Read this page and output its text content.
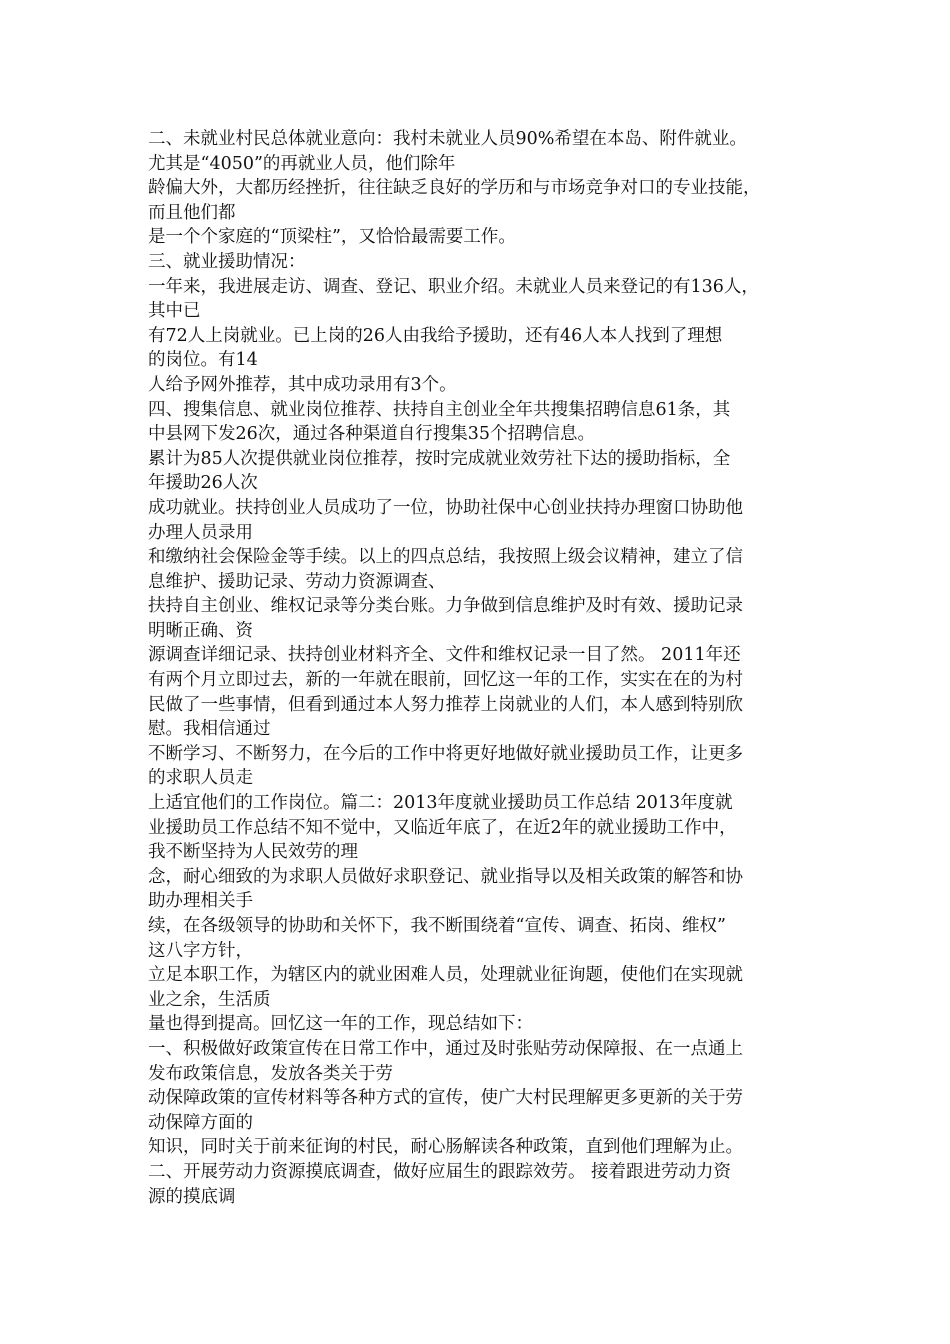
二、未就业村民总体就业意向：我村未就业人员90%希望在本岛、附件就业。
尤其是“4050”的再就业人员，他们除年
龄偏大外，大都历经挫折，往往缺乏良好的学历和与市场竞争对口的专业技能，
而且他们都
是一个个家庭的“顶梁柱”，又恰恰最需要工作。
三、就业援助情况：
一年来，我进展走访、调查、登记、职业介绍。未就业人员来登记的有136人，
其中已
有72人上岗就业。已上岗的26人由我给予援助，还有46人本人找到了理想
的岗位。有14
人给予网外推荐，其中成功录用有3个。
四、搜集信息、就业岗位推荐、扶持自主创业全年共搜集招聘信息61条，其
中县网下发26次，通过各种渠道自行搜集35个招聘信息。
累计为85人次提供就业岗位推荐，按时完成就业效劳社下达的援助指标，全
年援助26人次
成功就业。扶持创业人员成功了一位，协助社保中心创业扶持办理窗口协助他
办理人员录用
和缴纳社会保险金等手续。以上的四点总结，我按照上级会议精神，建立了信
息维护、援助记录、劳动力资源调查、
扶持自主创业、维权记录等分类台账。力争做到信息维护及时有效、援助记录
明晰正确、资
源调查详细记录、扶持创业材料齐全、文件和维权记录一目了然。 2011年还
有两个月立即过去，新的一年就在眼前，回忆这一年的工作，实实在在的为村
民做了一些事情，但看到通过本人努力推荐上岗就业的人们，本人感到特别欣
慰。我相信通过
不断学习、不断努力，在今后的工作中将更好地做好就业援助员工作，让更多
的求职人员走
上适宜他们的工作岗位。篇二：2013年度就业援助员工作总结 2013年度就
业援助员工作总结不知不觉中，又临近年底了，在近2年的就业援助工作中，
我不断坚持为人民效劳的理
念，耐心细致的为求职人员做好求职登记、就业指导以及相关政策的解答和协
助办理相关手
续，在各级领导的协助和关怀下，我不断围绕着“宣传、调查、拓岗、维权”
这八字方针，
立足本职工作，为辖区内的就业困难人员，处理就业征询题，使他们在实现就
业之余，生活质
量也得到提高。回忆这一年的工作，现总结如下：
一、积极做好政策宣传在日常工作中，通过及时张贴劳动保障报、在一点通上
发布政策信息，发放各类关于劳
动保障政策的宣传材料等各种方式的宣传，使广大村民理解更多更新的关于劳
动保障方面的
知识，同时关于前来征询的村民，耐心肠解读各种政策，直到他们理解为止。
二、开展劳动力资源摸底调查，做好应届生的跟踪效劳。 接着跟进劳动力资
源的摸底调
